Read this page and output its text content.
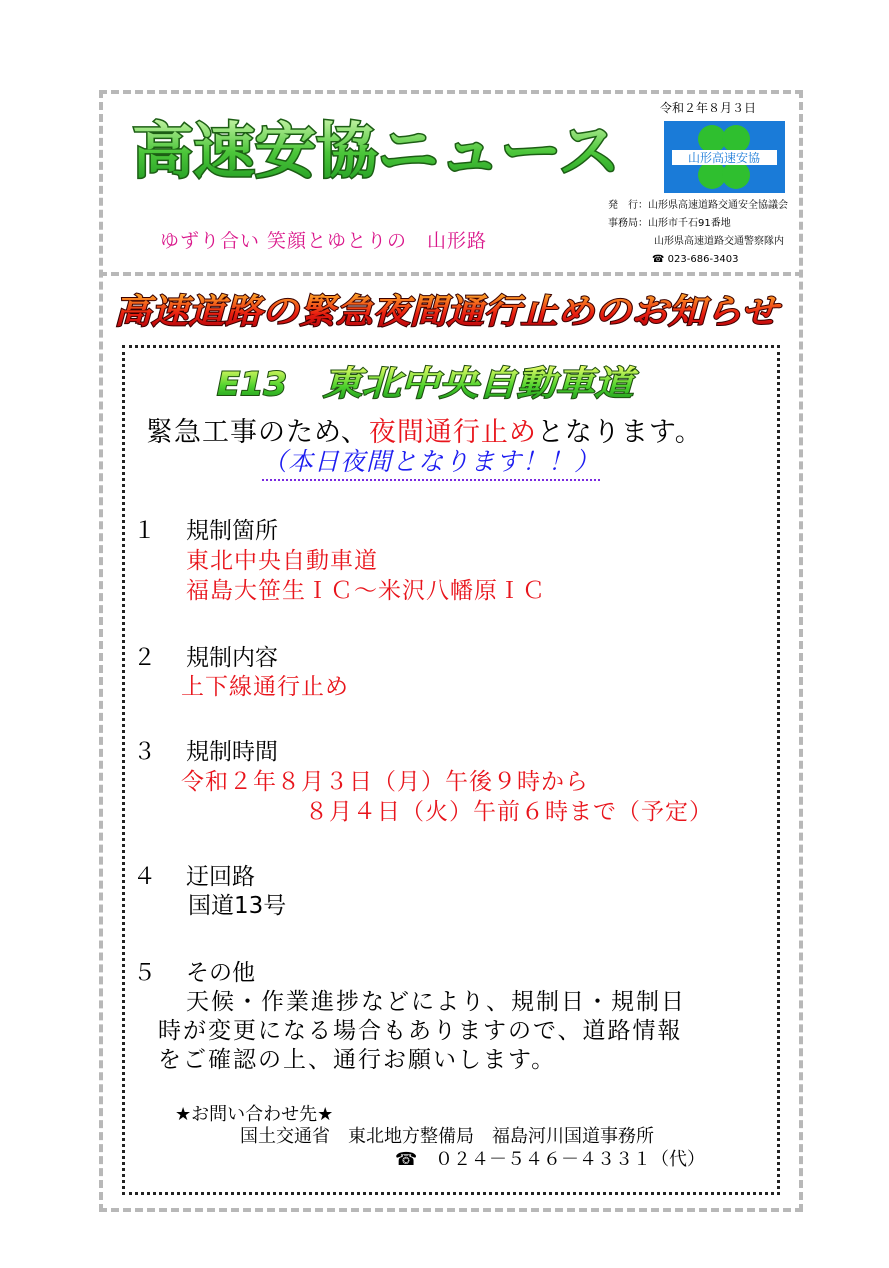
高速安協ニュース
ゆずり合い 笑顔とゆとりの　山形路
令和２年８月３日
山形高速安協
発　行：山形県高速道路交通安全協議会
事務局：山形市千石91番地
山形県高速道路交通警察隊内
☎ 023-686-3403
高速道路の緊急夜間通行止めのお知らせ
E13 東北中央自動車道
緊急工事のため、夜間通行止めとなります。
（本日夜間となります！！）
１ 規制箇所
東北中央自動車道
福島大笹生ＩＣ～米沢八幡原ＩＣ
２ 規制内容
上下線通行止め
３ 規制時間
令和２年８月３日（月）午後９時から
８月４日（火）午前６時まで（予定）
４ 迂回路
国道13号
５ その他
天候・作業進捗などにより、規制日・規制日
時が変更になる場合もありますので、道路情報
をご確認の上、通行お願いします。
★お問い合わせ先★
国土交通省　東北地方整備局　福島河川国道事務所
☎ ０２４－５４６－４３３１（代）
